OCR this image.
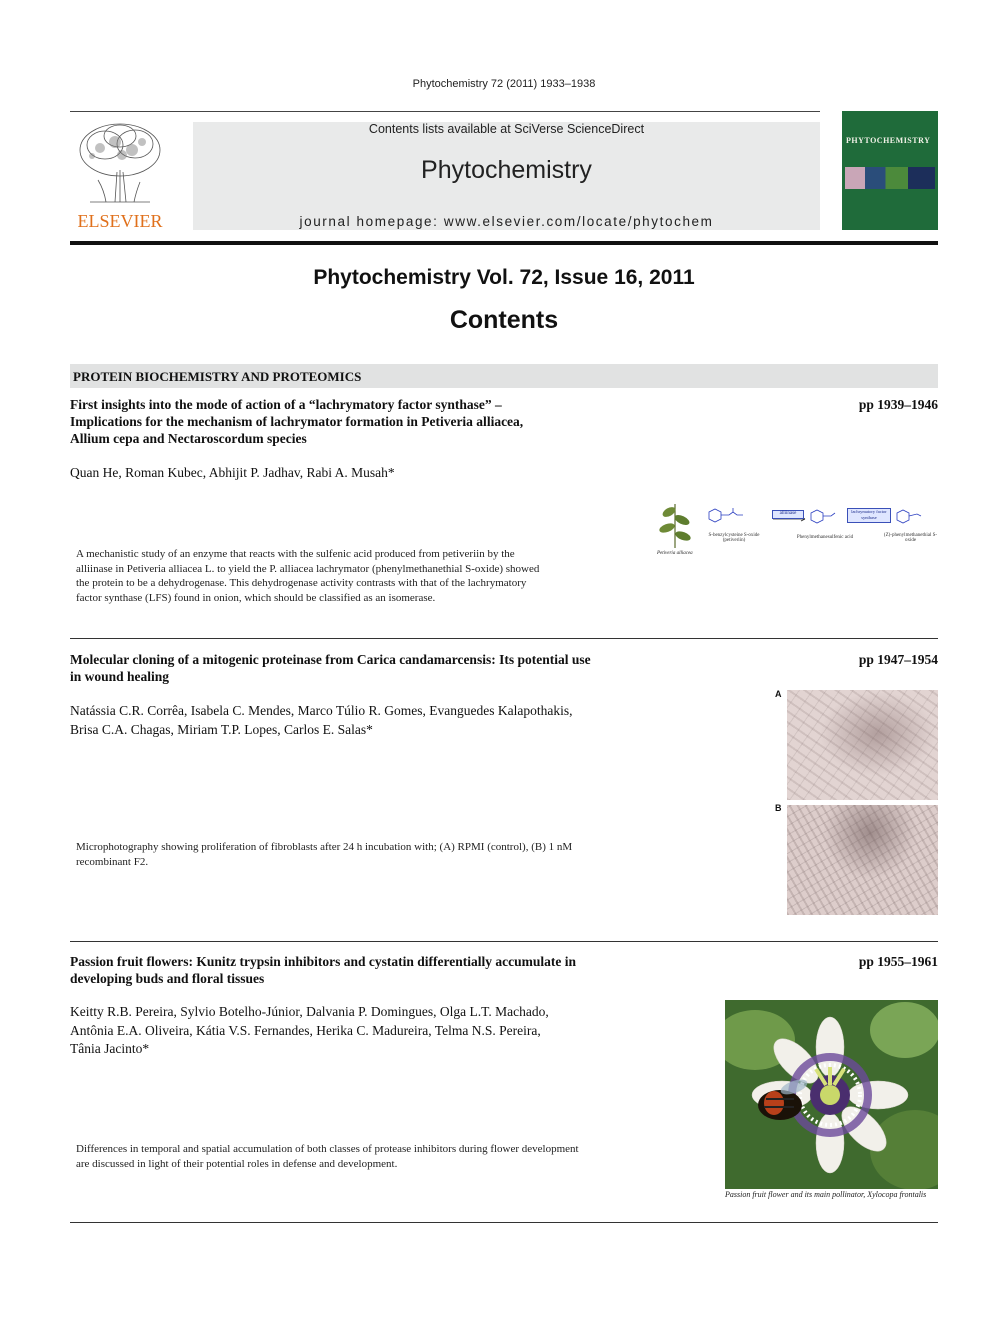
Phytochemistry 72 (2011) 1933–1938
ELSEVIER
Contents lists available at SciVerse ScienceDirect
Phytochemistry
journal homepage: www.elsevier.com/locate/phytochem
PHYTOCHEMISTRY
Phytochemistry Vol. 72, Issue 16, 2011
Contents
PROTEIN BIOCHEMISTRY AND PROTEOMICS
First insights into the mode of action of a “lachrymatory factor synthase” –
Implications for the mechanism of lachrymator formation in Petiveria alliacea,
Allium cepa and Nectaroscordum species
pp 1939–1946
Quan He, Roman Kubec, Abhijit P. Jadhav, Rabi A. Musah*
A mechanistic study of an enzyme that reacts with the sulfenic acid produced from petiveriin by the
alliinase in Petiveria alliacea L. to yield the P. alliacea lachrymator (phenylmethanethial S-oxide) showed
the protein to be a dehydrogenase. This dehydrogenase activity contrasts with that of the lachrymatory
factor synthase (LFS) found in onion, which should be classified as an isomerase.
Petiveria alliacea
alliinase	lachrymatory factor synthase
S-benzylcysteine S-oxide (petiveriin)
Phenylmethanesulfenic acid	(Z)-phenylmethanethial S-oxide
Molecular cloning of a mitogenic proteinase from Carica candamarcensis: Its potential use
in wound healing
pp 1947–1954
Natássia C.R. Corrêa, Isabela C. Mendes, Marco Túlio R. Gomes, Evanguedes Kalapothakis,
Brisa C.A. Chagas, Miriam T.P. Lopes, Carlos E. Salas*
Microphotography showing proliferation of fibroblasts after 24 h incubation with; (A) RPMI (control), (B) 1 nM
recombinant F2.
A
B
Passion fruit flowers: Kunitz trypsin inhibitors and cystatin differentially accumulate in
developing buds and floral tissues
pp 1955–1961
Keitty R.B. Pereira, Sylvio Botelho-Júnior, Dalvania P. Domingues, Olga L.T. Machado,
Antônia E.A. Oliveira, Kátia V.S. Fernandes, Herika C. Madureira, Telma N.S. Pereira,
Tânia Jacinto*
Differences in temporal and spatial accumulation of both classes of protease inhibitors during flower development
are discussed in light of their potential roles in defense and development.
Passion fruit flower and its main pollinator, Xylocopa frontalis
